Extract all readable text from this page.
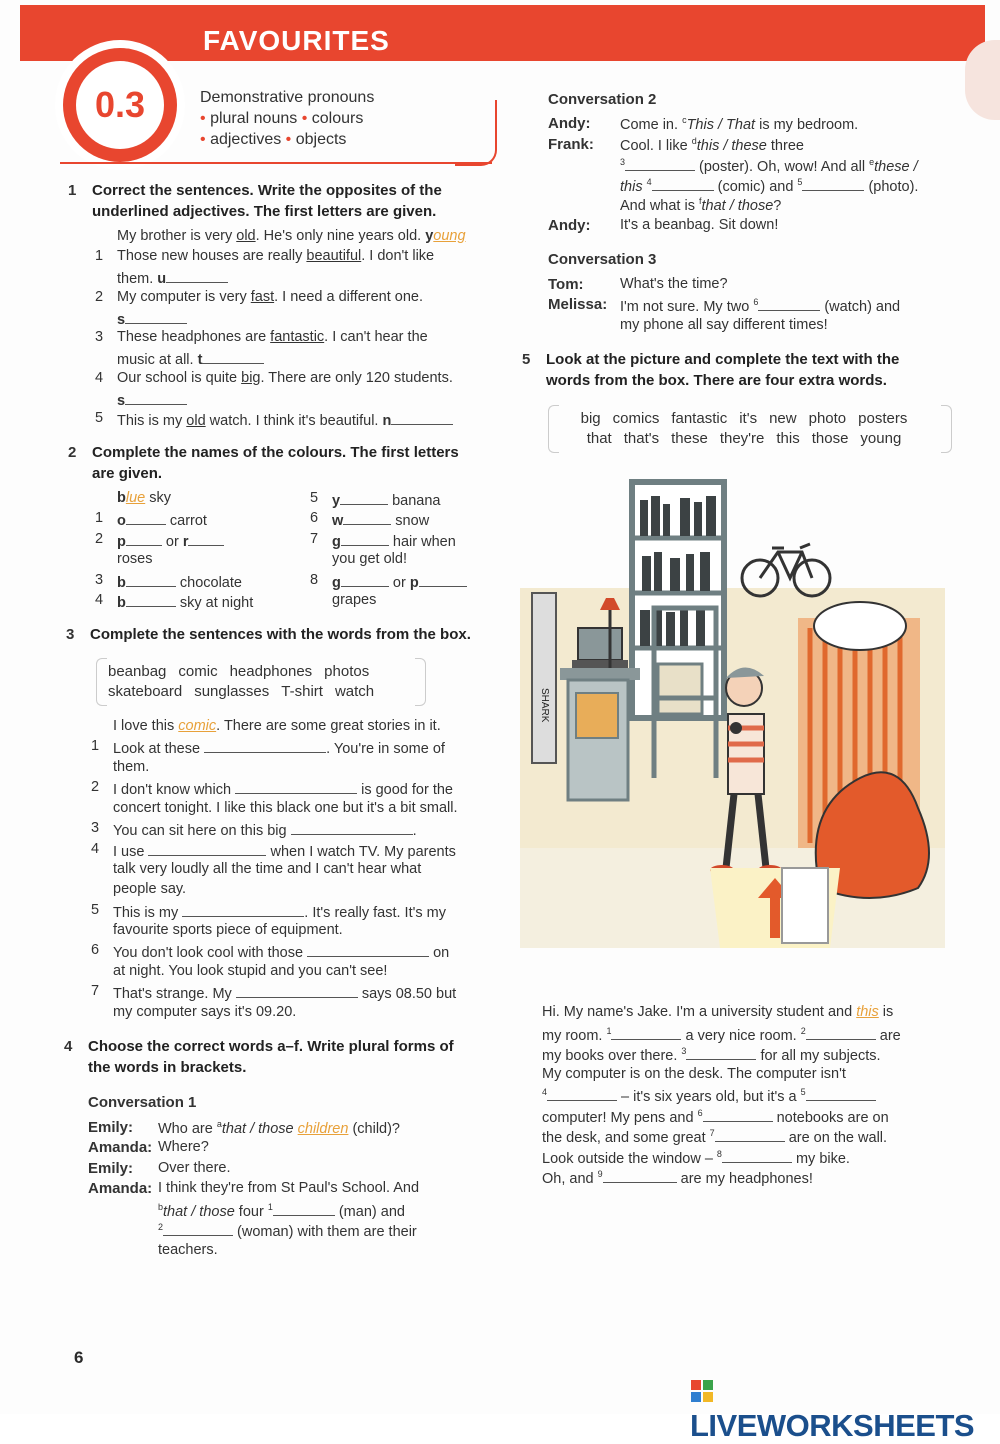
FAVOURITES
0.3	Demonstrative pronouns
• plural nouns • colours
• adjectives • objects
1 Correct the sentences. Write the opposites of the underlined adjectives. The first letters are given.
My brother is very old. He's only nine years old. young
1 Those new houses are really beautiful. I don't like
them. u
2 My computer is very fast. I need a different one.
s
3 These headphones are fantastic. I can't hear the
music at all. t
4 Our school is quite big. There are only 120 students.
s
5 This is my old watch. I think it's beautiful. n
2 Complete the names of the colours. The first letters are given.
blue sky
1 o	carrot
2 p or r
roses
3 b	chocolate
4 b	sky at night
5 y	banana
6 w	snow
7 g	hair when
you get old!
8 g	or p
grapes
3 Complete the sentences with the words from the box.
beanbag comic headphones photosskateboard sunglasses T-shirt watch
I love this comic. There are some great stories in it.
1 Look at these	. You're in some of
them.
2 I don't know which	is good for the
concert tonight. I like this black one but it's a bit small.
3 You can sit here on this big	.
4 I use	when I watch TV. My parents
talk very loudly all the time and I can't hear what
people say.
5 This is my	. It's really fast. It's my
favourite sports piece of equipment.
6 You don't look cool with those	on
at night. You look stupid and you can't see!
7 That's strange. My	says 08.50 but
my computer says it's 09.20.
4 Choose the correct words a–f. Write plural forms of the words in brackets.
Conversation 1
Emily: Who are $^a$that / those children (child)?
Amanda: Where?
Emily: Over there.
Amanda: I think they're from St Paul's School. And
$^b$that / those four $^1$	(man) and
$^2$	(woman) with them are their
teachers.
Conversation 2
Andy: Come in. $^c$This / That is my bedroom.
Frank: Cool. I like $^d$this / these three
$^3$	(poster). Oh, wow! And all $^e$these /
this $^4$	(comic) and $^5$	(photo).
And what is $^f$that / those?
Andy: It's a beanbag. Sit down!
Conversation 3
Tom:	What's the time?
Melissa: I'm not sure. My two $^6$	(watch) and
my phone all say different times!
5 Look at the picture and complete the text with the words from the box. There are four extra words.
big comics fantastic it's new photo posters
that that's these they're this those young
SHARK
Hi. My name's Jake. I'm a university student and this is
my room. $^1$	a very nice room. $^2$	are
my books over there. $^3$	for all my subjects.
My computer is on the desk. The computer isn't
$^4$	– it's six years old, but it's a $^5$
computer! My pens and $^6$	notebooks are on
the desk, and some great $^7$	are on the wall.
Look outside the window – $^8$	my bike.
Oh, and $^9$	are my headphones!
6
LIVEWORKSHEETS
